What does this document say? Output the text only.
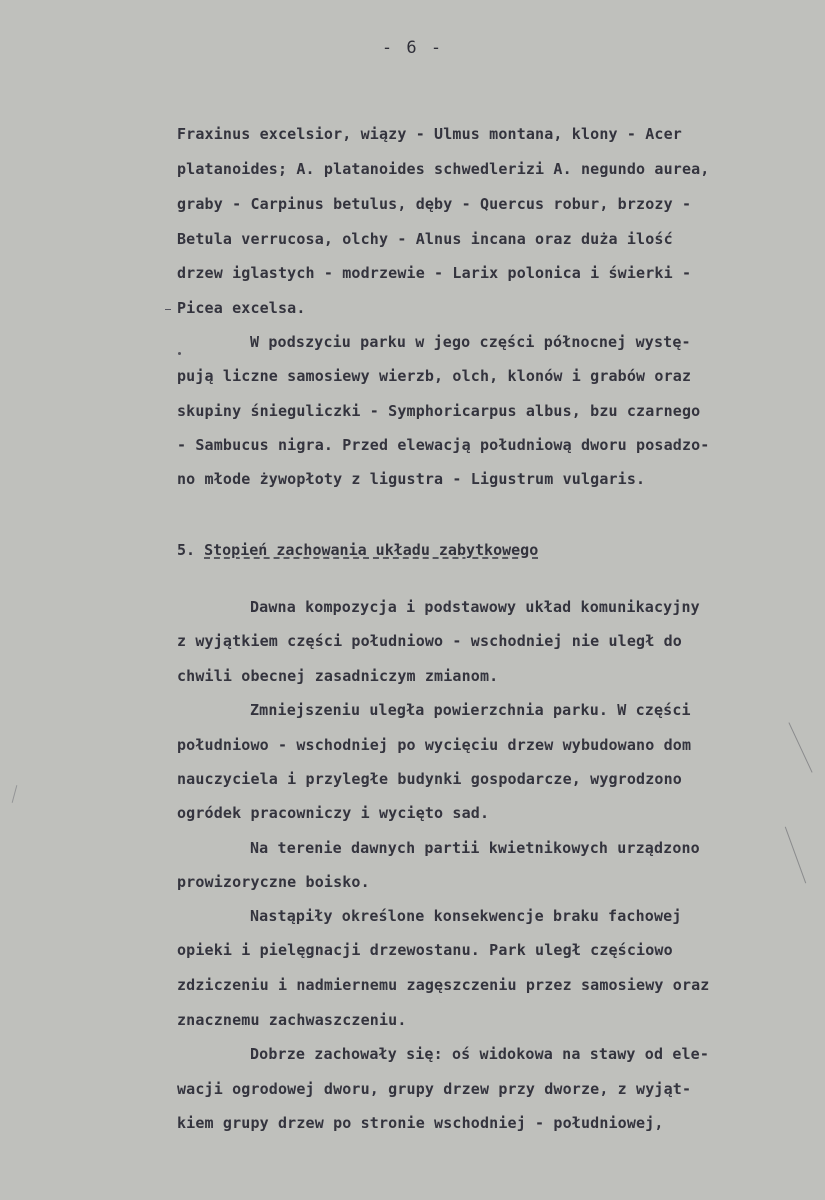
- 6 -
Fraxinus excelsior, wiązy - Ulmus montana, klony - Acer
platanoides; A. platanoides schwedlerizi A. negundo aurea,
graby - Carpinus betulus, dęby - Quercus robur, brzozy -
Betula verrucosa, olchy - Alnus incana oraz duża ilość
drzew iglastych - modrzewie - Larix polonica i świerki -
Picea excelsa.
W podszyciu parku w jego części północnej wystę-
pują liczne samosiewy wierzb, olch, klonów i grabów oraz
skupiny śnieguliczki - Symphoricarpus albus, bzu czarnego
- Sambucus nigra. Przed elewacją południową dworu posadzo-
no młode żywopłoty z ligustra - Ligustrum vulgaris.
5. Stopień zachowania układu zabytkowego
Dawna kompozycja i podstawowy układ komunikacyjny
z wyjątkiem części południowo - wschodniej nie uległ do
chwili obecnej zasadniczym zmianom.
Zmniejszeniu uległa powierzchnia parku. W części
południowo - wschodniej po wycięciu drzew wybudowano dom
nauczyciela i przyległe budynki gospodarcze, wygrodzono
ogródek pracowniczy i wycięto sad.
Na terenie dawnych partii kwietnikowych urządzono
prowizoryczne boisko.
Nastąpiły określone konsekwencje braku fachowej
opieki i pielęgnacji drzewostanu. Park uległ częściowo
zdziczeniu i nadmiernemu zagęszczeniu przez samosiewy oraz
znacznemu zachwaszczeniu.
Dobrze zachowały się: oś widokowa na stawy od ele-
wacji ogrodowej dworu, grupy drzew przy dworze, z wyjąt-
kiem grupy drzew po stronie wschodniej - południowej,
